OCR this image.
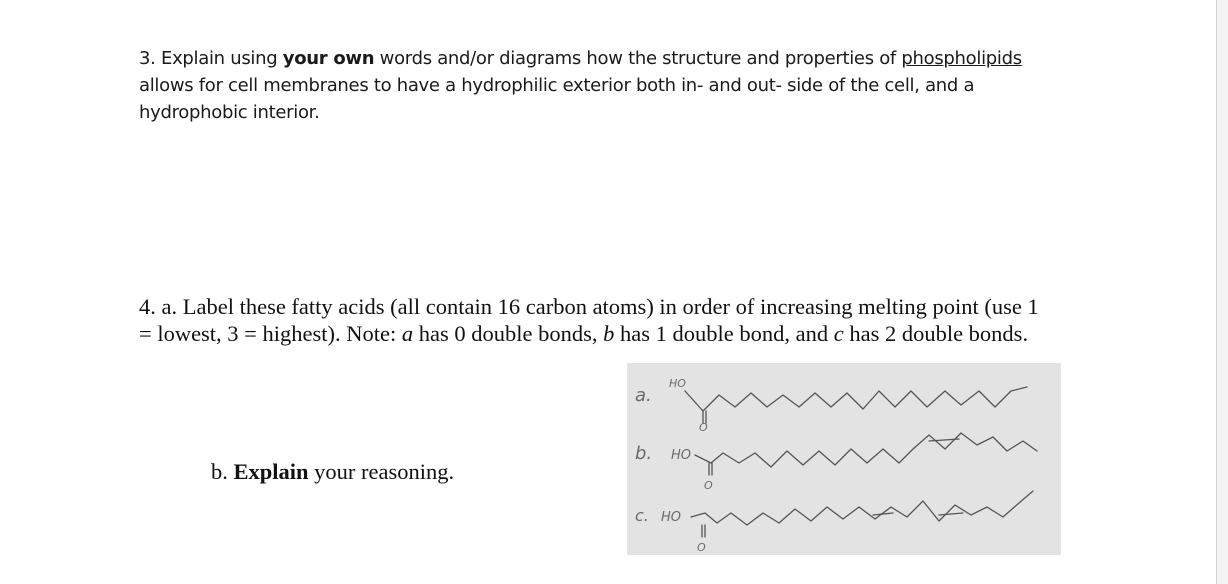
3. Explain using your own words and/or diagrams how the structure and properties of phospholipids allows for cell membranes to have a hydrophilic exterior both in- and out- side of the cell, and a hydrophobic interior.
4. a. Label these fatty acids (all contain 16 carbon atoms) in order of increasing melting point (use 1 = lowest, 3 = highest). Note: a has 0 double bonds, b has 1 double bond, and c has 2 double bonds.
b. Explain your reasoning.
a.
HO
O
b. HO
O
c. HO
O
